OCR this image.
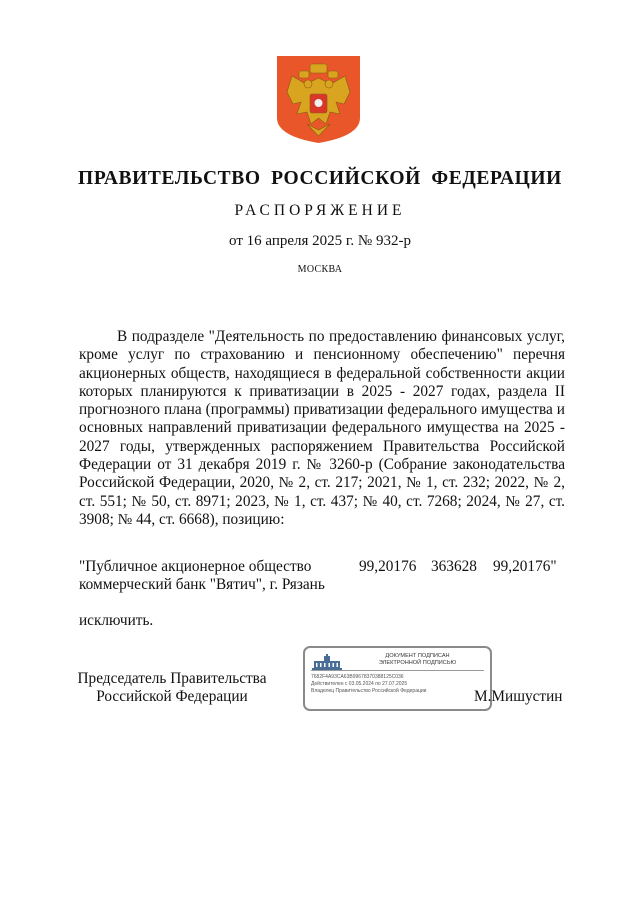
ПРАВИТЕЛЬСТВО РОССИЙСКОЙ ФЕДЕРАЦИИ
РАСПОРЯЖЕНИЕ
от 16 апреля 2025 г. № 932-р
МОСКВА
В подразделе "Деятельность по предоставлению финансовых услуг, кроме услуг по страхованию и пенсионному обеспечению" перечня акционерных обществ, находящиеся в федеральной собственности акции которых планируются к приватизации в 2025 - 2027 годах, раздела II прогнозного плана (программы) приватизации федерального имущества и основных направлений приватизации федерального имущества на 2025 - 2027 годы, утвержденных распоряжением Правительства Российской Федерации от 31 декабря 2019 г. № 3260-р (Собрание законодательства Российской Федерации, 2020, № 2, ст. 217; 2021, № 1, ст. 232; 2022, № 2, ст. 551; № 50, ст. 8971; 2023, № 1, ст. 437; № 40, ст. 7268; 2024, № 27, ст. 3908; № 44, ст. 6668), позицию:
"Публичное акционерное общество коммерческий банк "Вятич", г. Рязань
99,20176 363628 99,20176"
исключить.
Председатель Правительства Российской Федерации
ДОКУМЕНТ ПОДПИСАН
ЭЛЕКТРОННОЙ ПОДПИСЬЮ
7682F4A93CA63B99678370388125C036
Действителен с 03.05.2024 по 27.07.2025
Владелец Правительство Российской Федерации	М.Мишустин
